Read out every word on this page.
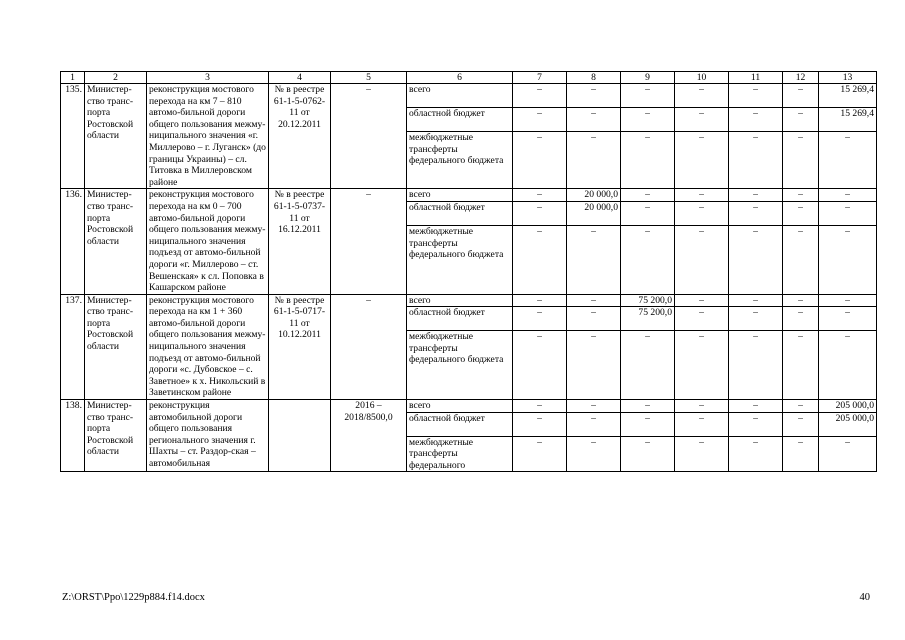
1	2	3	4	5	6	7	8	9	10	11	12	13
135.	Министер-ство транс-порта Ростовской области	реконструкция мостового перехода на км 7 – 810 автомо-бильной дороги общего пользования межму-ниципального значения «г. Миллерово – г. Луганск» (до границы Украины) – сл. Титовка в Миллеровском районе	№ в реестре 61-1-5-0762-11 от 20.12.2011	–	всего	–	–	–	–	–	–	15 269,4
					областной бюджет	–	–	–	–	–	–	15 269,4
					межбюджетные трансферты федерального бюджета	–	–	–	–	–	–	–
136.	Министер-ство транс-порта Ростовской области	реконструкция мостового перехода на км 0 – 700 автомо-бильной дороги общего пользования межму-ниципального значения подъезд от автомо-бильной дороги «г. Миллерово – ст. Вешенская» к сл. Поповка в Кашарском районе	№ в реестре 61-1-5-0737-11 от 16.12.2011	–	всего	–	20 000,0	–	–	–	–	–
					областной бюджет	–	20 000,0	–	–	–	–	–
					межбюджетные трансферты федерального бюджета	–	–	–	–	–	–	–
137.	Министер-ство транс-порта Ростовской области	реконструкция мостового перехода на км 1 + 360 автомо-бильной дороги общего пользования межму-ниципального значения подъезд от автомо-бильной дороги «с. Дубовское – с. Заветное» к х. Никольский в Заветинском районе	№ в реестре 61-1-5-0717-11 от 10.12.2011	–	всего	–	–	75 200,0	–	–	–	–
					областной бюджет	–	–	75 200,0	–	–	–	–
					межбюджетные трансферты федерального бюджета	–	–	–	–	–	–	–
138.	Министер-ство транс-порта Ростовской области	реконструкция автомобильной дороги общего пользования регионального значения г. Шахты – ст. Раздор-ская – автомобильная		2016 – 2018/8500,0	всего	–	–	–	–	–	–	205 000,0
					областной бюджет	–	–	–	–	–	–	205 000,0
					межбюджетные трансферты федерального	–	–	–	–	–	–	–
Z:\ORST\Ppo\1229p884.f14.docx	40
